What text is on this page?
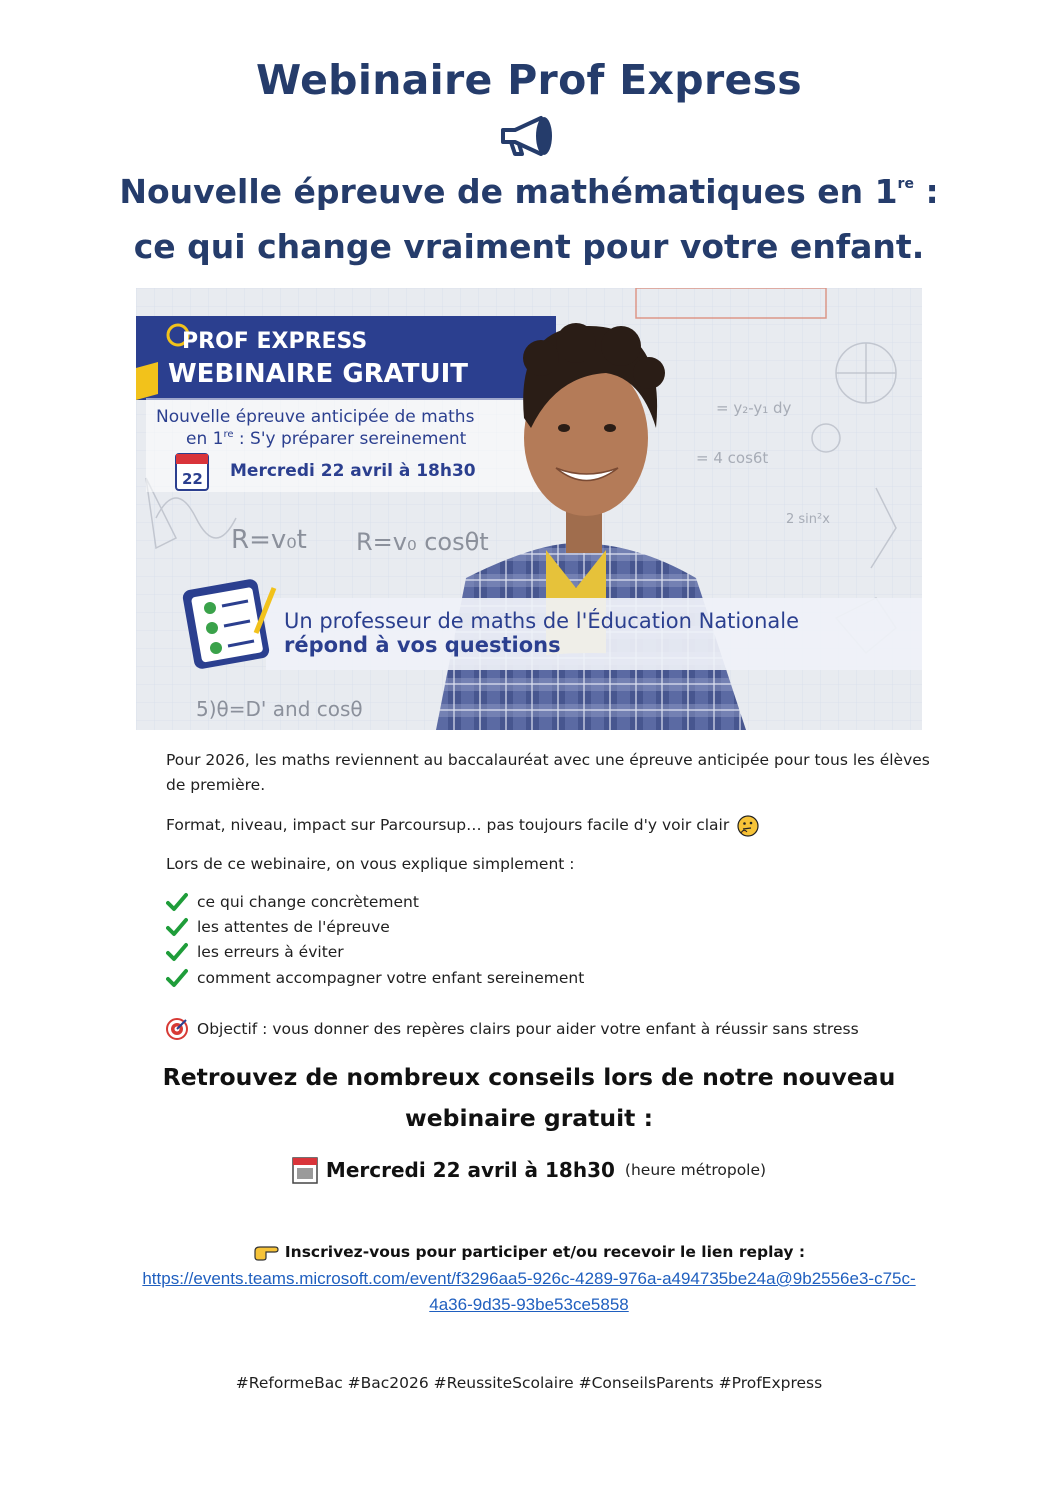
Webinaire Prof Express
Nouvelle épreuve de mathématiques en 1re :
ce qui change vraiment pour votre enfant.
= y₂-y₁ dy
= 4 cos6t
2 sin²x
R=v₀t R=v₀ cosθt
5)θ=D' and cosθ
PROF EXPRESS
WEBINAIRE GRATUIT
Nouvelle épreuve anticipée de maths
en 1re : S'y préparer sereinement
22 Mercredi 22 avril à 18h30
Un professeur de maths de l'Éducation Nationale
répond à vos questions
Pour 2026, les maths reviennent au baccalauréat avec une épreuve anticipée pour tous les élèves de première.
Format, niveau, impact sur Parcoursup… pas toujours facile d'y voir clair
Lors de ce webinaire, on vous explique simplement :
ce qui change concrètement
les attentes de l'épreuve
les erreurs à éviter
comment accompagner votre enfant sereinement
Objectif : vous donner des repères clairs pour aider votre enfant à réussir sans stress
Retrouvez de nombreux conseils lors de notre nouveau
webinaire gratuit :
Mercredi 22 avril à 18h30 (heure métropole)
Inscrivez-vous pour participer et/ou recevoir le lien replay :
https://events.teams.microsoft.com/event/f3296aa5-926c-4289-976a-a494735be24a@9b2556e3-c75c-
4a36-9d35-93be53ce5858
#ReformeBac #Bac2026 #ReussiteScolaire #ConseilsParents #ProfExpress
